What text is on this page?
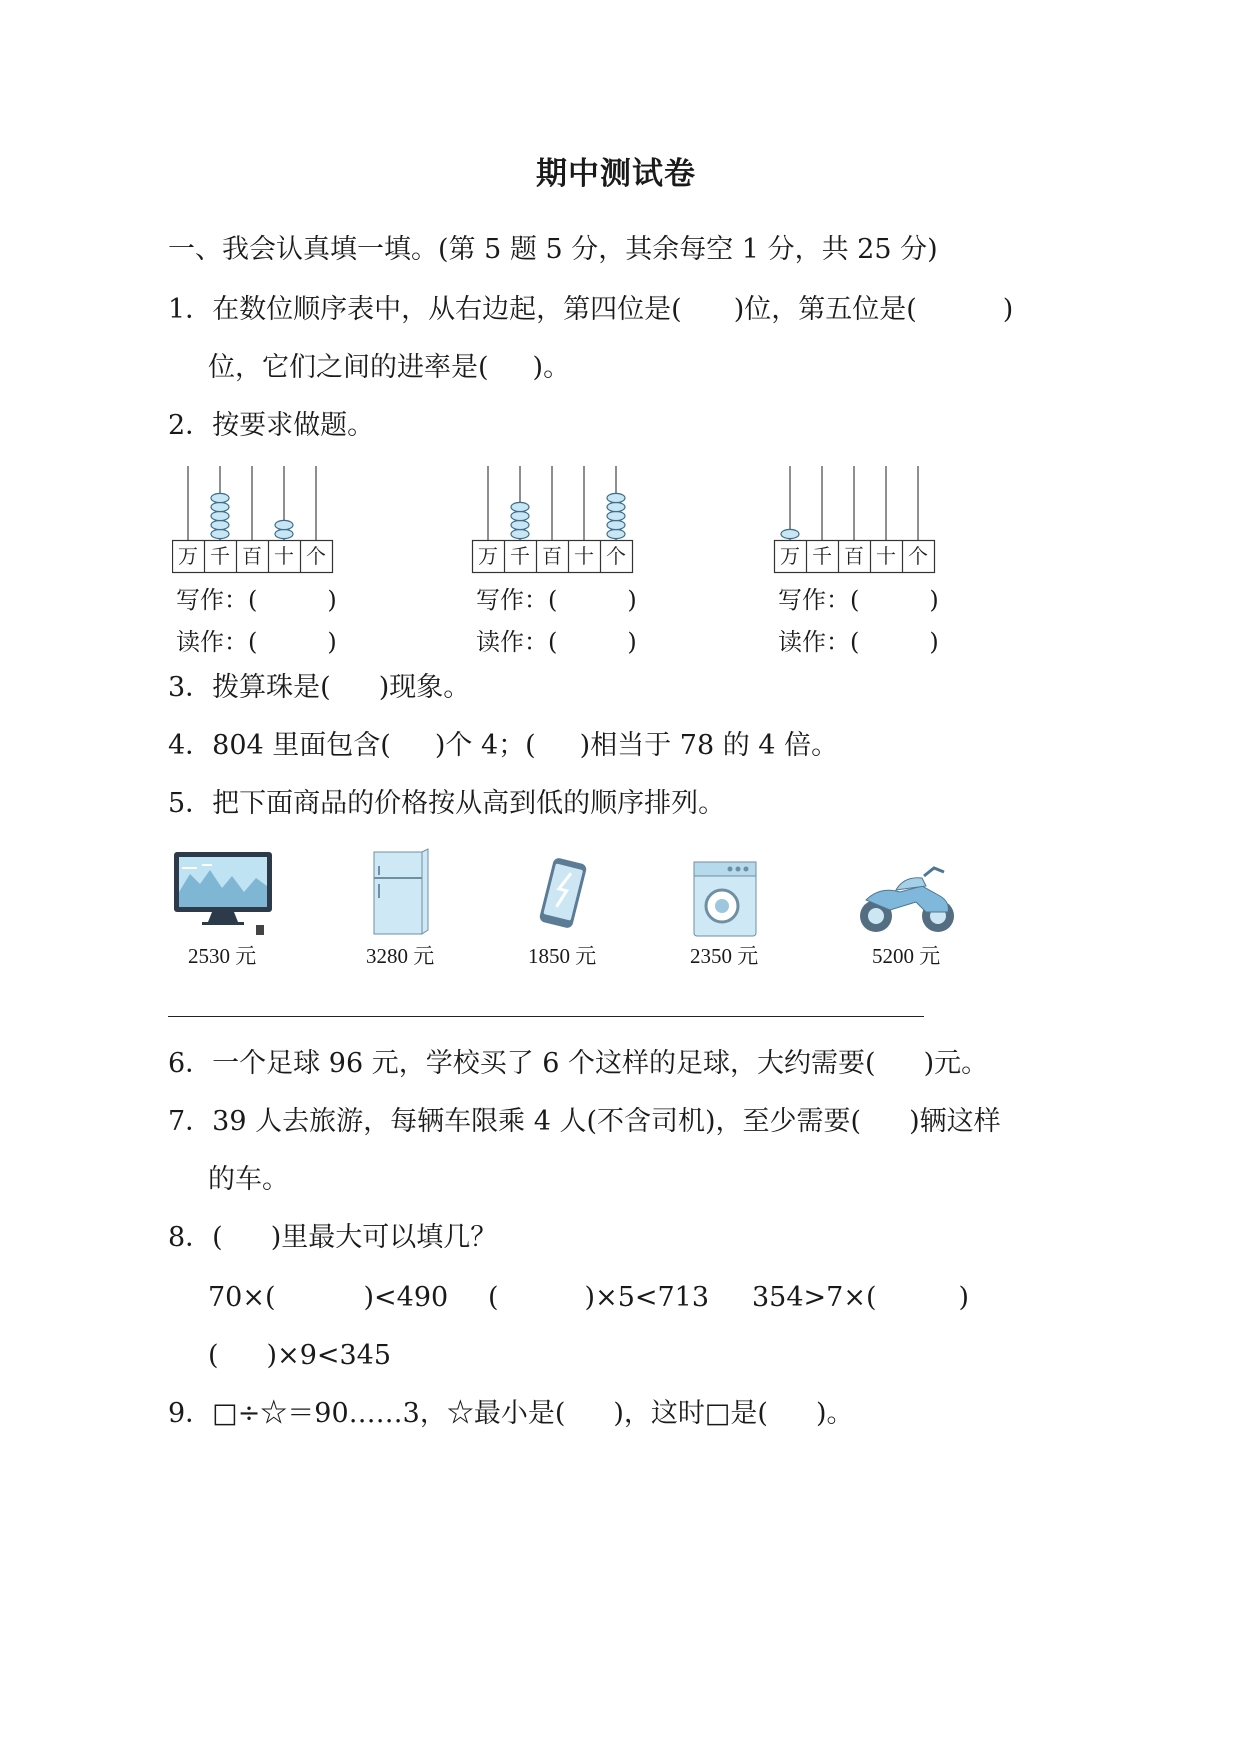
期中测试卷
一、我会认真填一填。(第 5 题 5 分，其余每空 1 分，共 25 分)
1．在数位顺序表中，从右边起，第四位是( )位，第五位是(	)
位，它们之间的进率是( )。
2．按要求做题。
万 千 百 十 个	万 千 百 十 个	万 千 百 十 个
写作：(	)
读作：(	)
写作：(	)
读作：(	)
写作：(	)
读作：(	)
3．拨算珠是( )现象。
4．804 里面包含( )个 4；( )相当于 78 的 4 倍。
5．把下面商品的价格按从高到低的顺序排列。
2530 元	3280 元	1850 元	2350 元	5200 元
6．一个足球 96 元，学校买了 6 个这样的足球，大约需要( )元。
7．39 人去旅游，每辆车限乘 4 人(不含司机)，至少需要( )辆这样
的车。
8．( )里最大可以填几？
70×(	)<490 (	)×5<713 354>7×(	)
( )×9<345
9．□÷☆＝90……3，☆最小是( )，这时□是( )。
